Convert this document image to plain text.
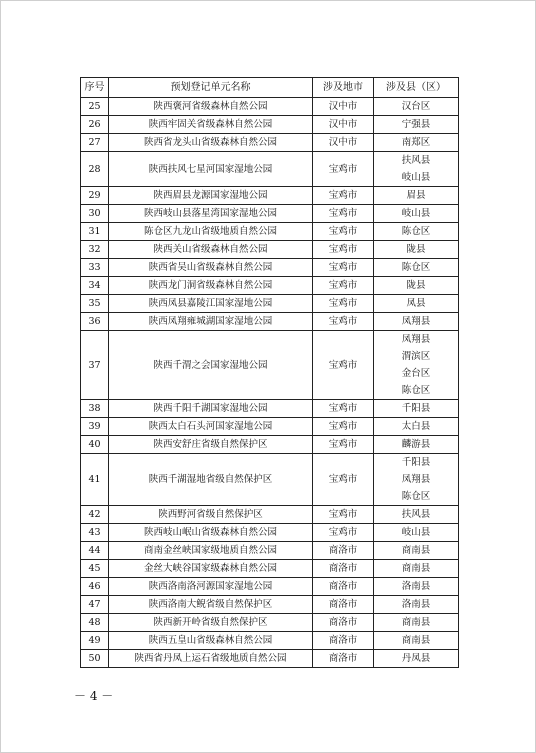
序号	预划登记单元名称	涉及地市	涉及县（区）
25	陕西褒河省级森林自然公园	汉中市	汉台区

26	陕西牢固关省级森林自然公园	汉中市	宁强县

27	陕西省龙头山省级森林自然公园	汉中市	南郑区

28	陕西扶风七星河国家湿地公园	宝鸡市	扶风县
岐山县

29	陕西眉县龙源国家湿地公园	宝鸡市	眉县

30	陕西岐山县落星湾国家湿地公园	宝鸡市	岐山县

31	陈仓区九龙山省级地质自然公园	宝鸡市	陈仓区

32	陕西关山省级森林自然公园	宝鸡市	陇县

33	陕西省吴山省级森林自然公园	宝鸡市	陈仓区

34	陕西龙门洞省级森林自然公园	宝鸡市	陇县

35	陕西凤县嘉陵江国家湿地公园	宝鸡市	凤县

36	陕西凤翔雍城湖国家湿地公园	宝鸡市	凤翔县

37	陕西千渭之会国家湿地公园	宝鸡市	凤翔县
渭滨区
金台区
陈仓区

38	陕西千阳千湖国家湿地公园	宝鸡市	千阳县

39	陕西太白石头河国家湿地公园	宝鸡市	太白县

40	陕西安舒庄省级自然保护区	宝鸡市	麟游县

41	陕西千湖湿地省级自然保护区	宝鸡市	千阳县
凤翔县
陈仓区

42	陕西野河省级自然保护区	宝鸡市	扶风县

43	陕西岐山岷山省级森林自然公园	宝鸡市	岐山县

44	商南金丝峡国家级地质自然公园	商洛市	商南县

45	金丝大峡谷国家级森林自然公园	商洛市	商南县

46	陕西洛南洛河源国家湿地公园	商洛市	洛南县

47	陕西洛南大鲵省级自然保护区	商洛市	洛南县

48	陕西新开岭省级自然保护区	商洛市	商南县

49	陕西五皇山省级森林自然公园	商洛市	商南县

50	陕西省丹凤上运石省级地质自然公园	商洛市	丹凤县
－ 4 －
